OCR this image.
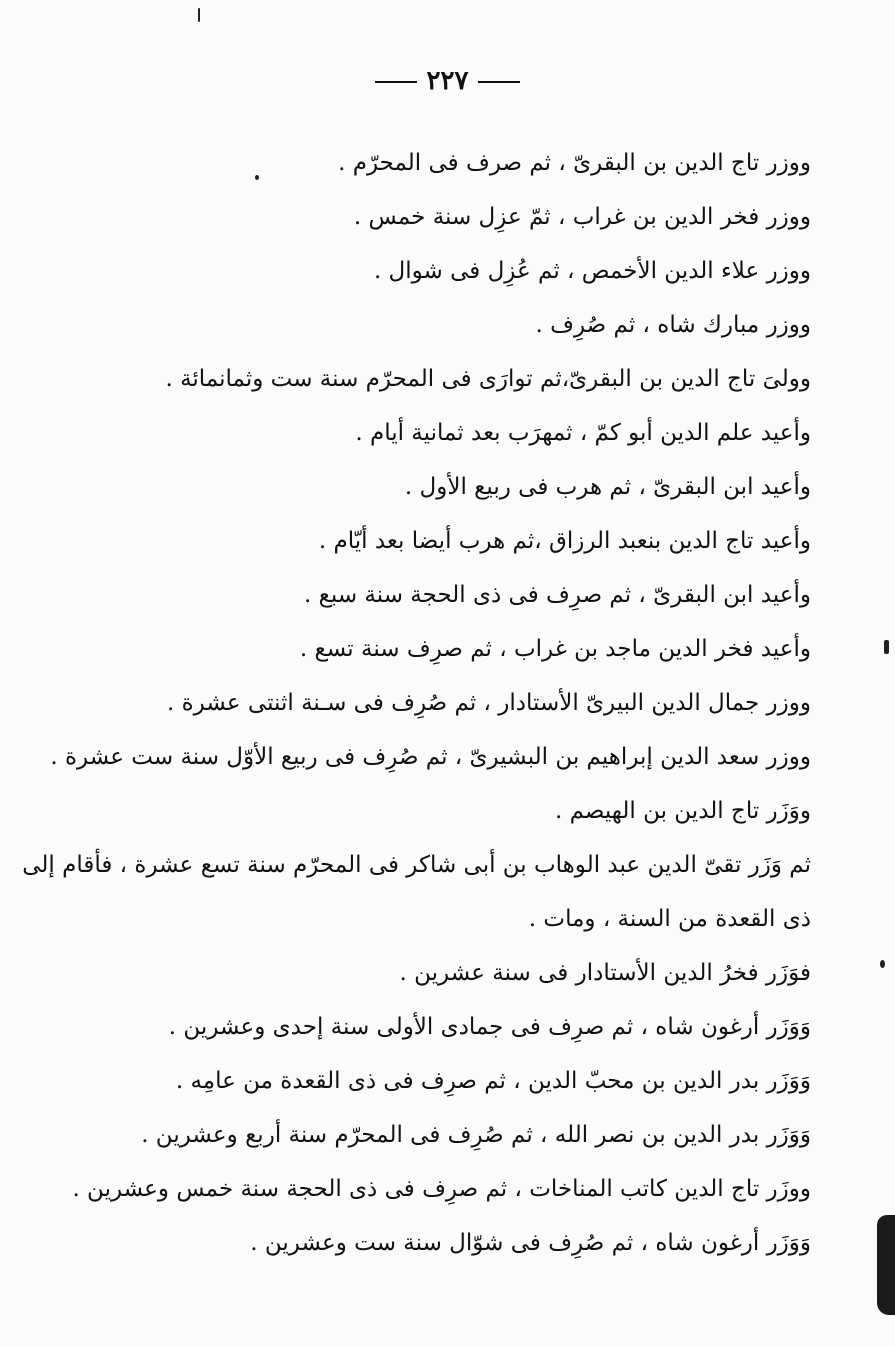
٢٢٧
ووزر تاج الدين بن البقرىّ ، ثم صرف فى المحرّم .
ووزر فخر الدين بن غراب ، ثمّ عزِل سنة خمس .
ووزر علاء الدين الأخمص ، ثم عُزِل فى شوال .
ووزر مبارك شاه ، ثم صُرِف .
وولىَ تاج الدين بن البقرىّ،ثم توارَى فى المحرّم سنة ست وثمانمائة .
وأعيد علم الدين أبو كمّ ، ثمهرَب بعد ثمانية أيام .
وأعيد ابن البقرىّ ، ثم هرب فى ربيع الأول .
وأعيد تاج الدين بنعبد الرزاق ،ثم هرب أيضا بعد أيّام .
وأعيد ابن البقرىّ ، ثم صرِف فى ذى الحجة سنة سبع .
وأعيد فخر الدين ماجد بن غراب ، ثم صرِف سنة تسع .
ووزر جمال الدين البيرىّ الأستادار ، ثم صُرِف فى سـنة اثنتى عشرة .
ووزر سعد الدين إبراهيم بن البشيرىّ ، ثم صُرِف فى ربيع الأوّل سنة ست عشرة .
ووَزَر تاج الدين بن الهيصم .
ثم وَزَر تقىّ الدين عبد الوهاب بن أبى شاكر فى المحرّم سنة تسع عشرة ، فأقام إلى
ذى القعدة من السنة ، ومات .
فوَزَر فخرُ الدين الأستادار فى سنة عشرين .
وَوَزَر أرغون شاه ، ثم صرِف فى جمادى الأولى سنة إحدى وعشرين .
وَوَزَر بدر الدين بن محبّ الدين ، ثم صرِف فى ذى القعدة من عامِه .
وَوَزَر بدر الدين بن نصر الله ، ثم صُرِف فى المحرّم سنة أربع وعشرين .
ووزَر تاج الدين كاتب المناخات ، ثم صرِف فى ذى الحجة سنة خمس وعشرين .
وَوَزَر أرغون شاه ، ثم صُرِف فى شوّال سنة ست وعشرين .
